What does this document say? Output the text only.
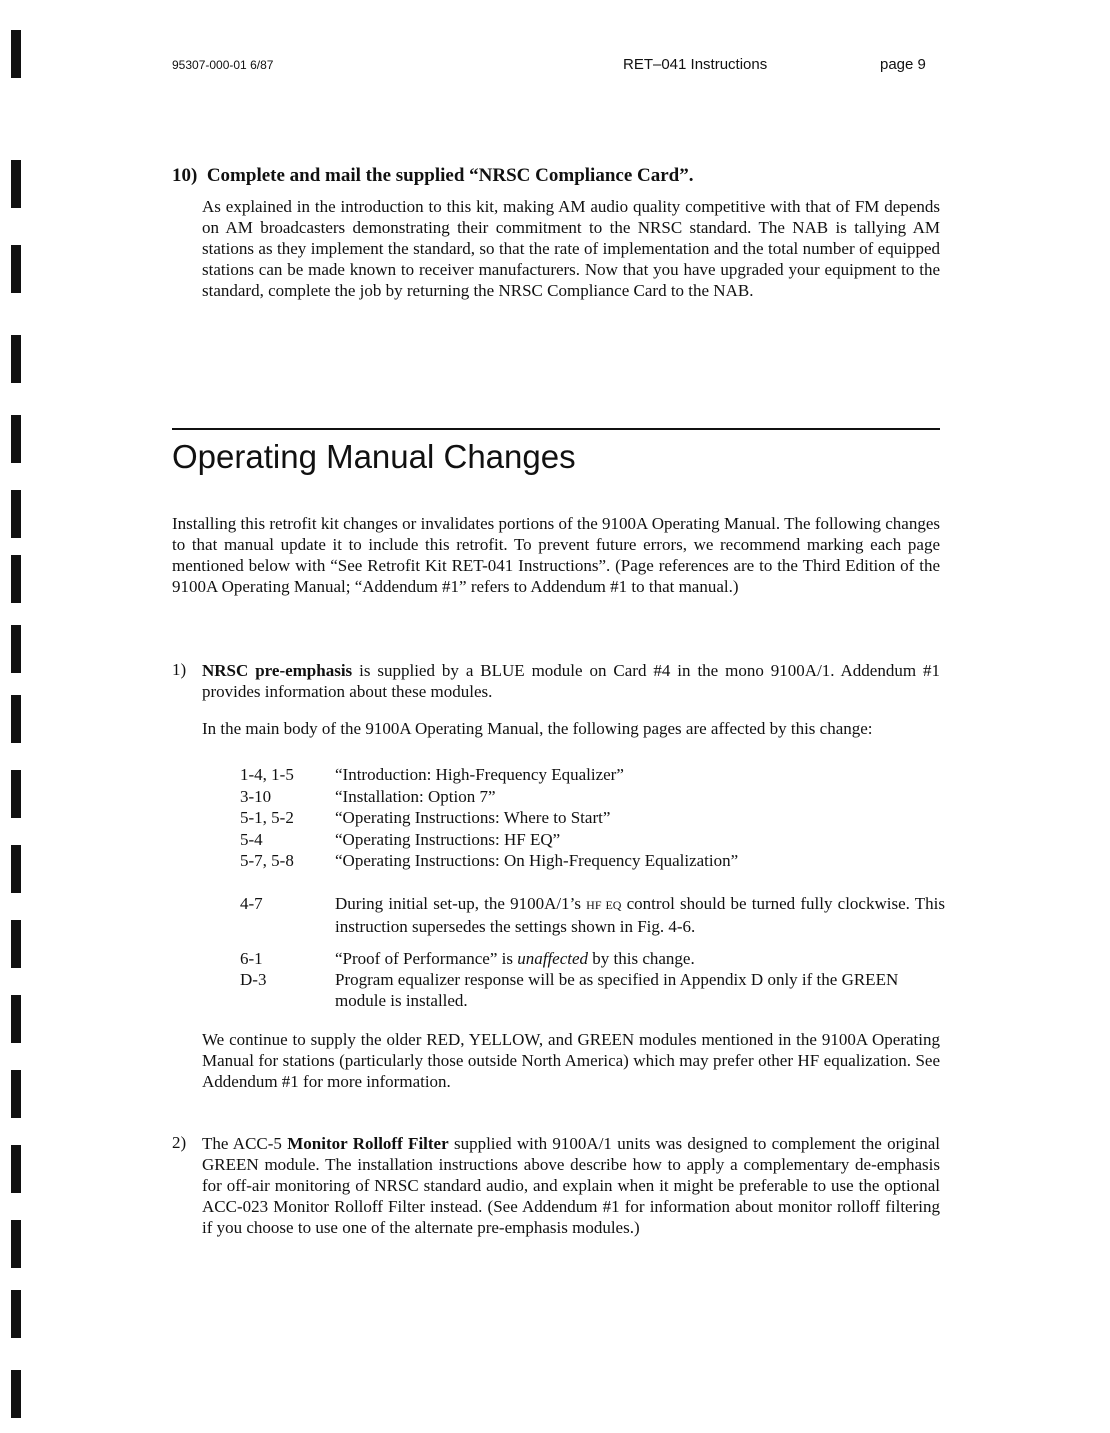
95307-000-01 6/87	RET–041 Instructions	page 9
10) Complete and mail the supplied “NRSC Compliance Card”.
As explained in the introduction to this kit, making AM audio quality competitive with that of FM depends on AM broadcasters demonstrating their commitment to the NRSC standard. The NAB is tallying AM stations as they implement the standard, so that the rate of implementation and the total number of equipped stations can be made known to receiver manufacturers. Now that you have upgraded your equipment to the standard, complete the job by returning the NRSC Compliance Card to the NAB.
Operating Manual Changes
Installing this retrofit kit changes or invalidates portions of the 9100A Operating Manual. The following changes to that manual update it to include this retrofit. To prevent future errors, we recommend marking each page mentioned below with “See Retrofit Kit RET-041 Instructions”. (Page references are to the Third Edition of the 9100A Operating Manual; “Addendum #1” refers to Addendum #1 to that manual.)
1) NRSC pre-emphasis is supplied by a BLUE module on Card #4 in the mono 9100A/1. Addendum #1 provides information about these modules.
In the main body of the 9100A Operating Manual, the following pages are affected by this change:
1-4, 1-5 “Introduction: High-Frequency Equalizer”
3-10	“Installation: Option 7”
5-1, 5-2 “Operating Instructions: Where to Start”
5-4	“Operating Instructions: HF EQ”
5-7, 5-8 “Operating Instructions: On High-Frequency Equalization”
4-7	During initial set-up, the 9100A/1’s HF EQ control should be turned fully clockwise. This instruction supersedes the settings shown in Fig. 4-6.
6-1	“Proof of Performance” is unaffected by this change.
D-3	Program equalizer response will be as specified in Appendix D only if the GREEN module is installed.
We continue to supply the older RED, YELLOW, and GREEN modules mentioned in the 9100A Operating Manual for stations (particularly those outside North America) which may prefer other HF equalization. See Addendum #1 for more information.
2) The ACC-5 Monitor Rolloff Filter supplied with 9100A/1 units was designed to complement the original GREEN module. The installation instructions above describe how to apply a complementary de-emphasis for off-air monitoring of NRSC standard audio, and explain when it might be preferable to use the optional ACC-023 Monitor Rolloff Filter instead. (See Addendum #1 for information about monitor rolloff filtering if you choose to use one of the alternate pre-emphasis modules.)
